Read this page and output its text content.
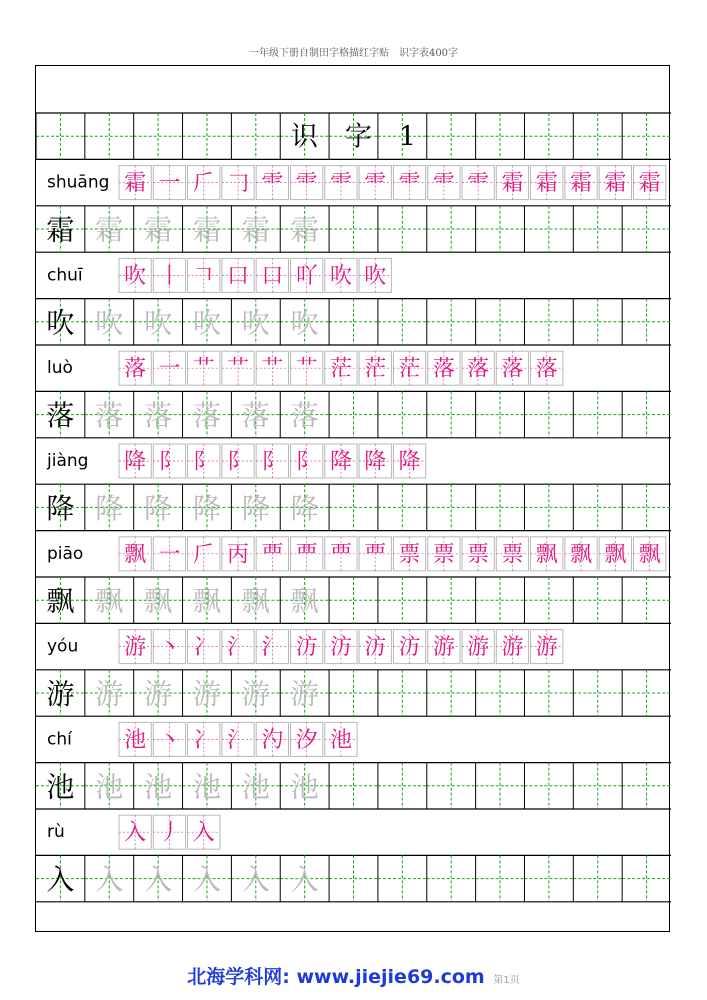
一年级下册自制田字格描红字贴　识字表400字
识　字　1
shuāng 霜 一 𠂆 𠃌 ⻗ ⻗ ⻗ ⻗ ⻗ ⻗ ⻗ 霜 霜 霜 霜 霜
霜 霜 霜 霜 霜 霜
chuī 吹 丨 𠃍 口 口 吖 吹 吹
吹 吹 吹 吹 吹 吹
luò 落 一 艹 艹 艹 艹 茫 茫 茫 落 落 落 落
落 落 落 落 落 落
jiàng 降 阝 阝 阝 阝 阝 降 降 降
降 降 降 降 降 降
piāo 飘 一 𠂆 丙 覀 覀 覀 覀 票 票 票 票 飘 飘 飘 飘
飘 飘 飘 飘 飘 飘
yóu 游 丶 冫 氵 氵 汸 汸 汸 汸 游 游 游 游
游 游 游 游 游 游
chí 池 丶 冫 氵 汋 汐 池
池 池 池 池 池 池
rù	入 丿 入
入 入 入 入 入 入
北海学科网: www.jiejie69.com 第1页
